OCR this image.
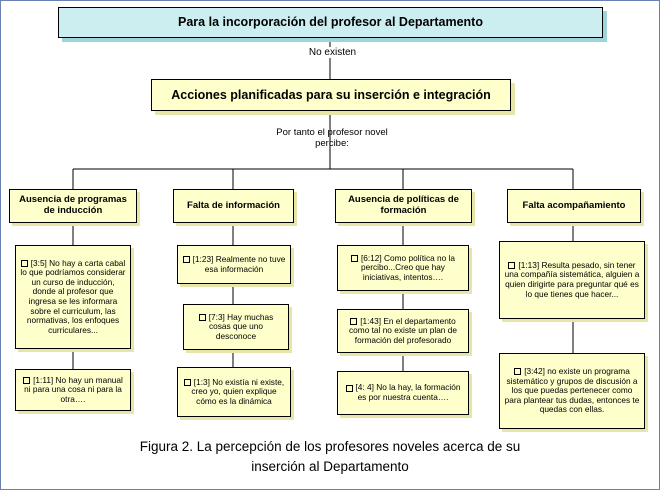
Para la incorporación del profesor al Departamento
No existen
Acciones planificadas para su inserción e integración
Por tanto el profesor novel
percibe:
Ausencia de programas de inducción	Falta de información	Ausencia de políticas de formación	Falta acompañamiento
[3:5] No hay a carta cabal lo que podríamos considerar un curso de inducción, donde al profesor que ingresa se les informara sobre el curriculum, las normativas, los enfoques curriculares...
[1:11] No hay un manual ni para una cosa ni para la otra….
[1:23] Realmente no tuve esa información
[7:3] Hay muchas cosas que uno desconoce
[1:3] No existía ni existe, creo yo, quien explique cómo es la dinámica
[6:12] Como política no la percibo...Creo que hay iniciativas, intentos….
[1:43] En el departamento como tal no existe un plan de formación del profesorado
[4: 4] No la hay, la formación es por nuestra cuenta….
[1:13] Resulta pesado, sin tener una compañía sistemática, alguien a quien dirigirte para preguntar qué es lo que tienes que hacer...
[3:42] no existe un programa sistemático y grupos de discusión a los que puedas pertenecer como para plantear tus dudas, entonces te quedas con ellas.
Figura 2. La percepción de los profesores noveles acerca de su
inserción al Departamento
